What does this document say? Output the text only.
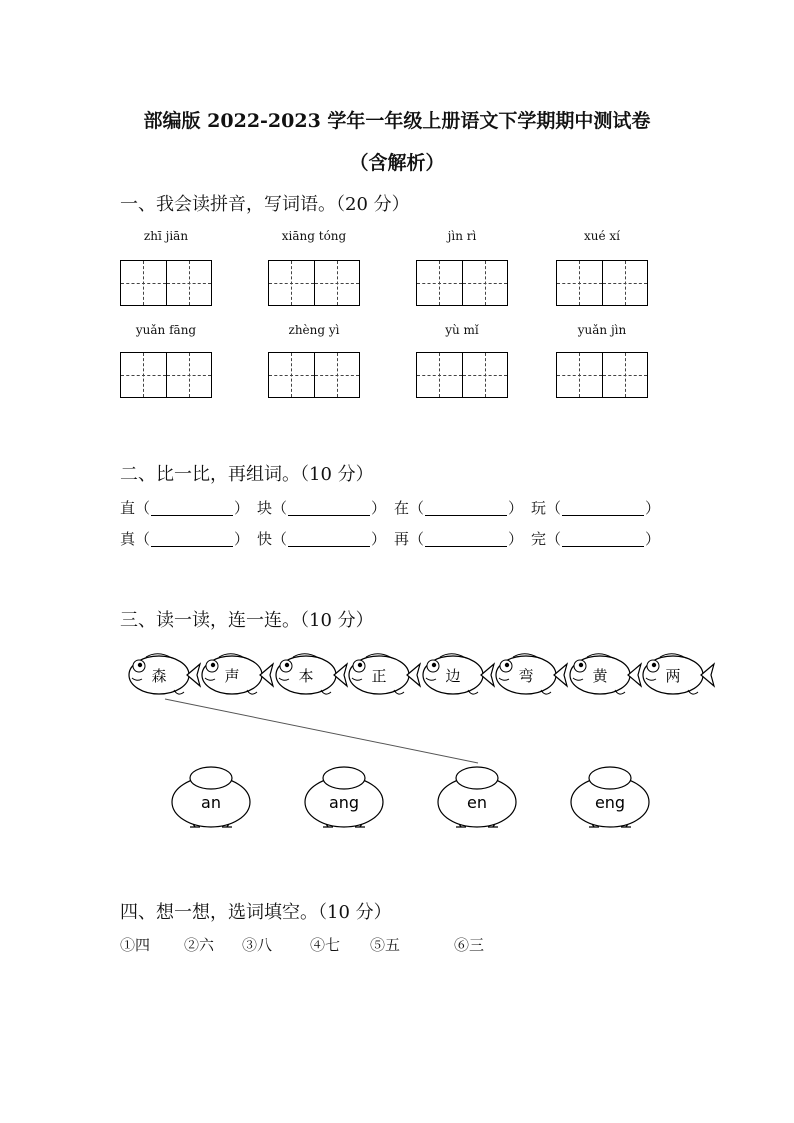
部编版 2022-2023 学年一年级上册语文下学期期中测试卷
（含解析）
一、我会读拼音，写词语。（20 分）
zhī jiān	xiāng tóng	jìn rì	xué xí
yuǎn fāng	zhèng yì	yù mǐ	yuǎn jìn
二、比一比，再组词。（10 分）
直 （	） 块 （	） 在 （	） 玩 （	）
真 （	） 快 （	） 再 （	） 完 （	）
三、读一读，连一连。（10 分）
森	声	本	正	边	弯	黄	两
an	ang	en	eng
四、想一想，选词填空。（10 分）
①四 ②六 ③八	④七 ⑤五	⑥三
